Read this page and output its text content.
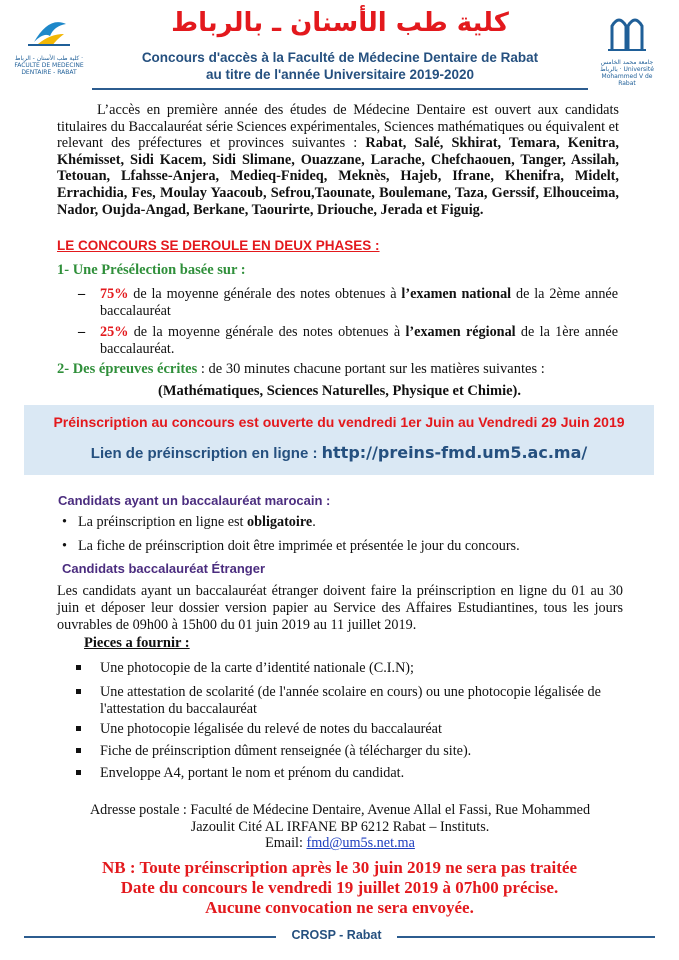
كلية طب الأسنان - الرباط · FACULTE DE MEDECINE DENTAIRE - RABAT
جامعة محمد الخامس بالرباط · Université Mohammed V de Rabat
كلية طب الأسنان ـ بالرباط
Concours d'accès à la Faculté de Médecine Dentaire de Rabat
au titre de l'année Universitaire 2019-2020
L’accès en première année des études de Médecine Dentaire est ouvert aux candidats titulaires du Baccalauréat série Sciences expérimentales, Sciences mathématiques ou équivalent et relevant des préfectures et provinces suivantes : Rabat, Salé, Skhirat, Temara, Kenitra, Khémisset, Sidi Kacem, Sidi Slimane, Ouazzane, Larache, Chefchaouen, Tanger, Assilah, Tetouan, Lfahsse-Anjera, Medieq-Fnideq, Meknès, Hajeb, Ifrane, Khenifra, Midelt, Errachidia, Fes, Moulay Yaacoub, Sefrou,Taounate, Boulemane, Taza, Gerssif, Elhouceima, Nador, Oujda-Angad, Berkane, Taourirte, Driouche, Jerada et Figuig.
LE CONCOURS SE DEROULE EN DEUX PHASES :
1- Une Présélection basée sur :
– 75% de la moyenne générale des notes obtenues à l’examen national de la 2ème année baccalauréat
– 25% de la moyenne générale des notes obtenues à l’examen régional de la 1ère année baccalauréat.
2- Des épreuves écrites : de 30 minutes chacune portant sur les matières suivantes :
(Mathématiques, Sciences Naturelles, Physique et Chimie).
Préinscription au concours est ouverte du vendredi 1er Juin au Vendredi 29 Juin 2019
Lien de préinscription en ligne : http://preins-fmd.um5.ac.ma/
Candidats ayant un baccalauréat marocain :
• La préinscription en ligne est obligatoire.
• La fiche de préinscription doit être imprimée et présentée le jour du concours.
Candidats baccalauréat Étranger
Les candidats ayant un baccalauréat étranger doivent faire la préinscription en ligne du 01 au 30 juin et déposer leur dossier version papier au Service des Affaires Estudiantines, tous les jours ouvrables de 09h00 à 15h00 du 01 juin 2019 au 11 juillet 2019.
Pieces a fournir :
Une photocopie de la carte d’identité nationale (C.I.N);
Une attestation de scolarité (de l'année scolaire en cours) ou une photocopie légalisée de l'attestation du baccalauréat
Une photocopie légalisée du relevé de notes du baccalauréat
Fiche de préinscription dûment renseignée (à télécharger du site).
Enveloppe A4, portant le nom et prénom du candidat.
Adresse postale : Faculté de Médecine Dentaire, Avenue Allal el Fassi, Rue Mohammed
Jazoulit Cité AL IRFANE BP 6212 Rabat – Instituts.
Email: fmd@um5s.net.ma
NB : Toute préinscription après le 30 juin 2019 ne sera pas traitée
Date du concours le vendredi 19 juillet 2019 à 07h00 précise.
Aucune convocation ne sera envoyée.
CROSP - Rabat
